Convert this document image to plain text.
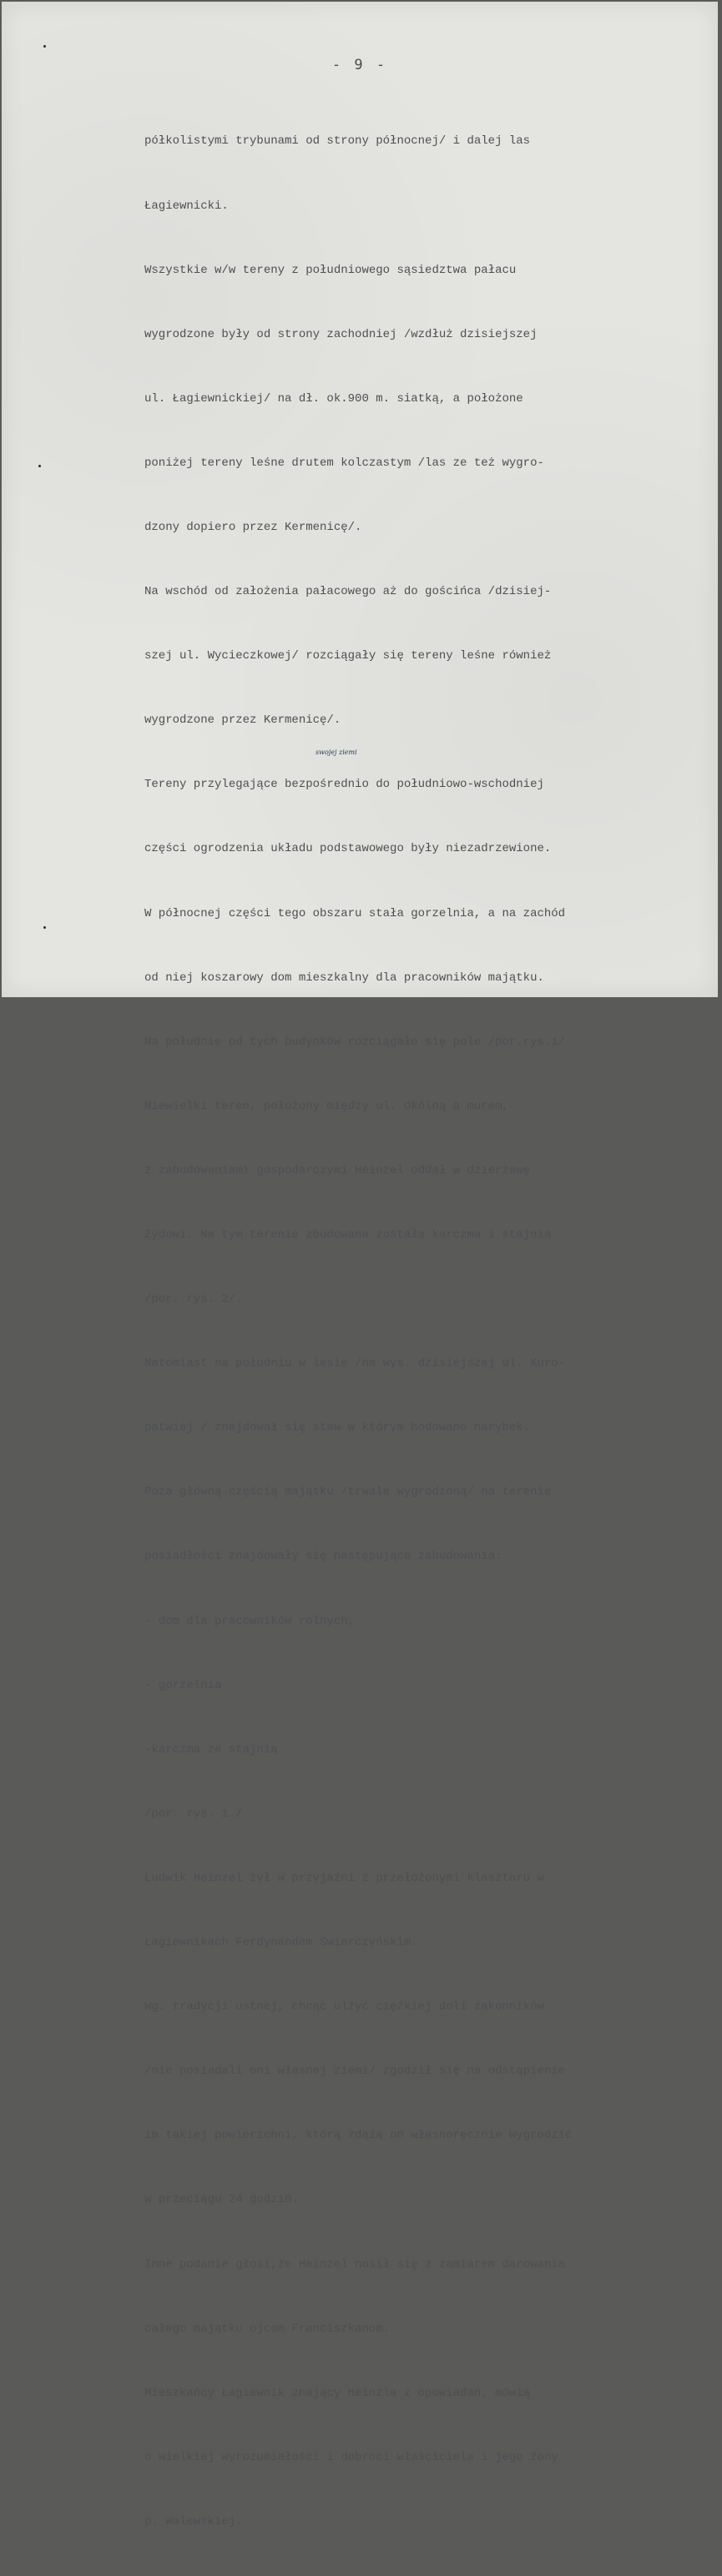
- 9 -
swojej ziemi

półkolistymi trybunami od strony północnej/ i dalej las

Łagiewnicki.

Wszystkie w/w tereny z południowego sąsiedztwa pałacu

wygrodzone były od strony zachodniej /wzdłuż dzisiejszej

ul. Łagiewnickiej/ na dł. ok.900 m. siatką, a położone

poniżej tereny leśne drutem kolczastym /las ze też wygro-

dzony dopiero przez Kermenicę/.

Na wschód od założenia pałacowego aż do gościńca /dzisiej-

szej ul. Wycieczkowej/ rozciągały się tereny leśne również

wygrodzone przez Kermenicę/.

Tereny przylegające bezpośrednio do południowo-wschodniej

części ogrodzenia układu podstawowego były niezadrzewione.

W północnej części tego obszaru stała gorzelnia, a na zachód

od niej koszarowy dom mieszkalny dla pracowników majątku.

Na południe od tych budynków rozciągało się pole /por.rys.1/

Niewielki teren, położony między ul. Okólną a murem,

z zabudowaniami gospodarczymi Heinzel oddał w dzierżawę

Żydowi. Na tym terenie zbudowana została karczma i stajnia

/por. rys. 2/.

Natomiast na południu w lesie /na wys. dzisiejszej ul. Kuro-

patwiej / znajdował się staw w którym hodowano narybek.

Poza główną częścią majątku /trwale wygrodzoną/ na terenie

posiadłości znajdowały się następujące zabudowania:

- dom dla pracowników rolnych,

- gorzelnia

-karczma ze stajnią

/por. rys. 1./

Ludwik Heinzel żył w przyjaźni z przełożonymi klasztoru w

Łagiewnikach Ferdynandem Świerczyńskim.

Wg. tradycji ustnej, chcąc ulżyć ciężkiej doli zakonników

/nie posiadali oni własnej ziemi/ zgodził się na odstąpienie

im takiej powierzchni, którą zdążą on własnoręcznie wygrodzić

w przeciągu 24 godzin.

Inne podanie głosi,że Heinzel nosił się z zamiarem darowania

całego majątku ojcom Franciszkanom.

Mieszkańcy Łagiewnik znający Heinzla z opowiadań, mówią

o wielkiej wyrozumiałości i dobroci właściciela i jego żony

p. Walewskiej.
